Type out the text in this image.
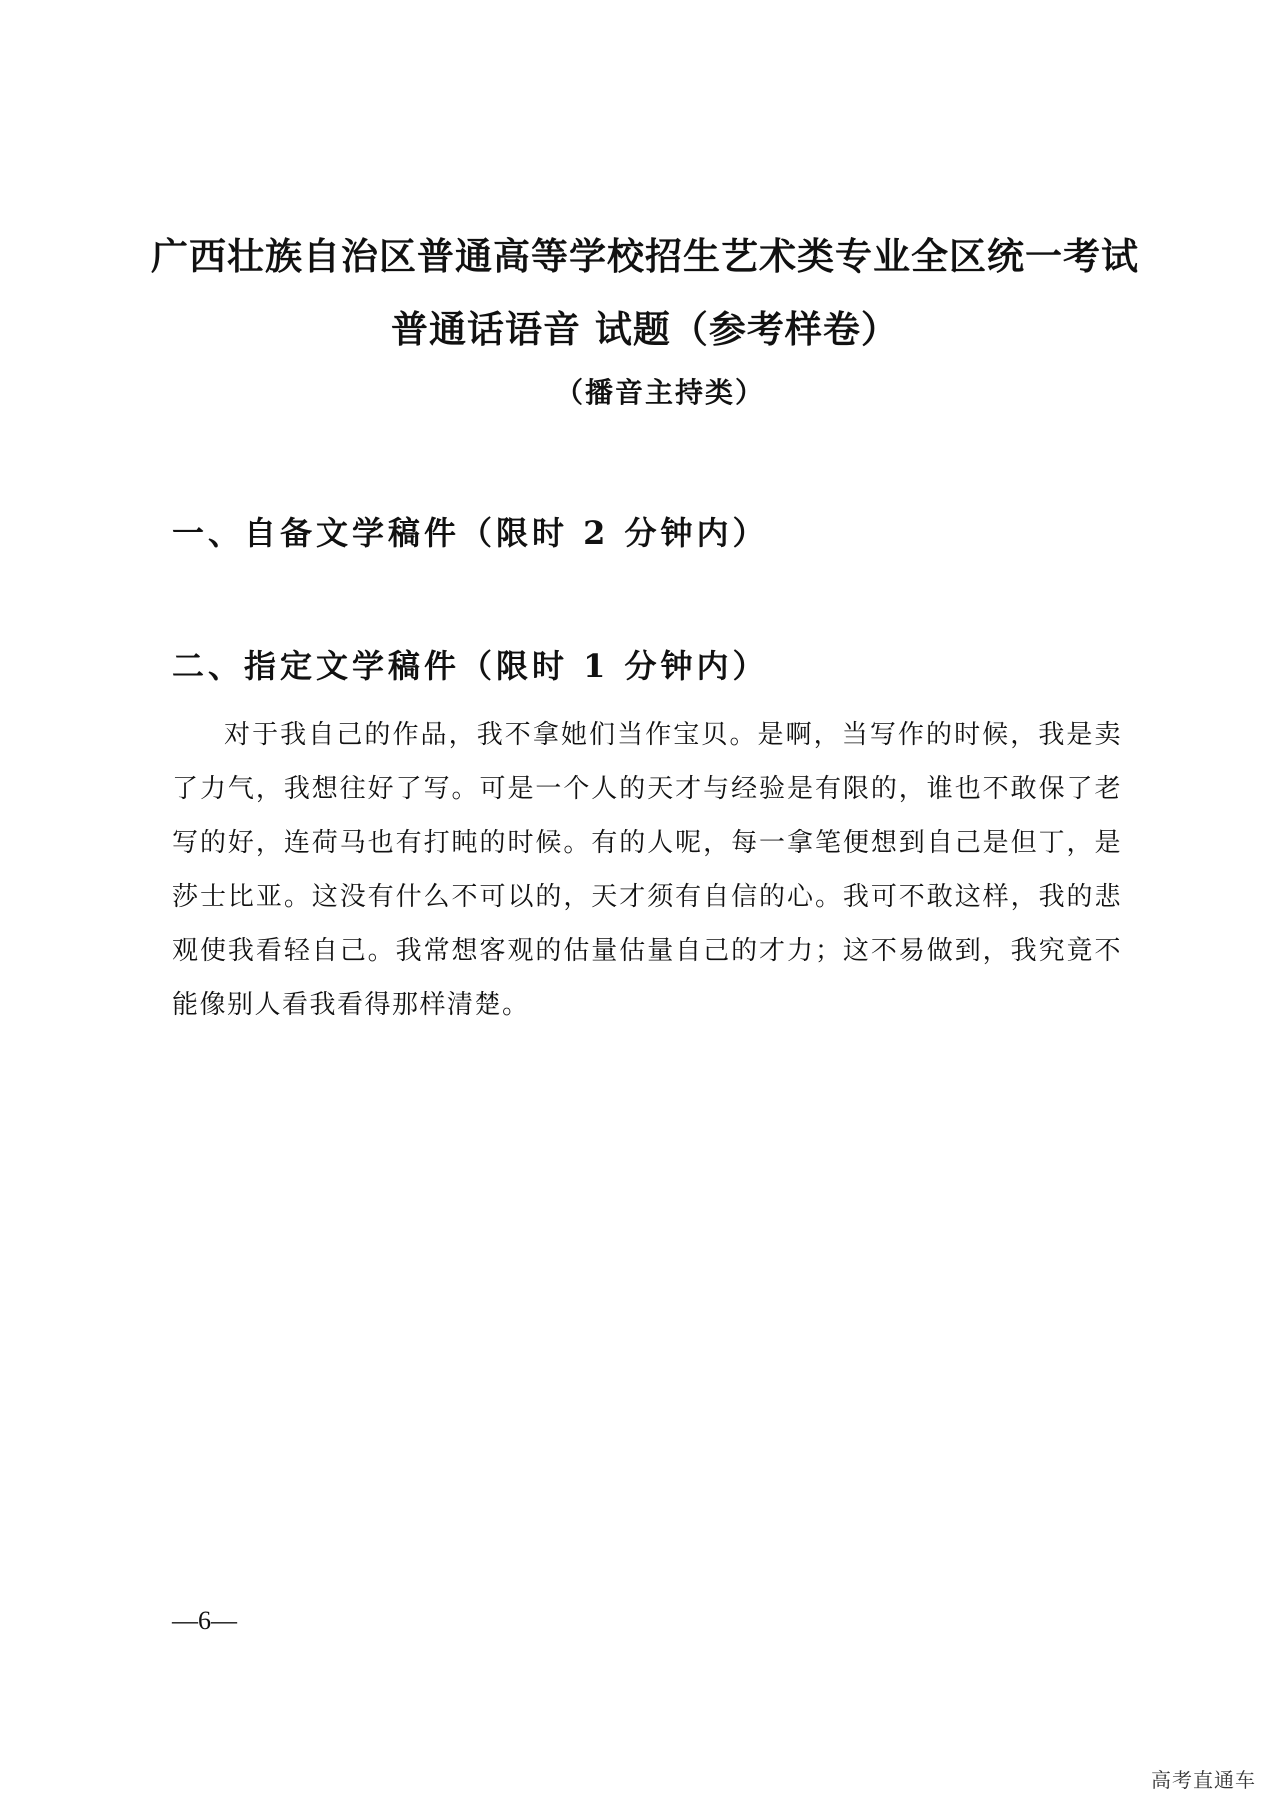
广西壮族自治区普通高等学校招生艺术类专业全区统一考试
普通话语音 试题（参考样卷）
（播音主持类）
一、自备文学稿件（限时 2 分钟内）
二、指定文学稿件（限时 1 分钟内）
对于我自己的作品，我不拿她们当作宝贝。是啊，当写作的时候，我是卖了力气，我想往好了写。可是一个人的天才与经验是有限的，谁也不敢保了老写的好，连荷马也有打盹的时候。有的人呢，每一拿笔便想到自己是但丁，是莎士比亚。这没有什么不可以的，天才须有自信的心。我可不敢这样，我的悲观使我看轻自己。我常想客观的估量估量自己的才力；这不易做到，我究竟不能像别人看我看得那样清楚。
—6—
高考直通车
